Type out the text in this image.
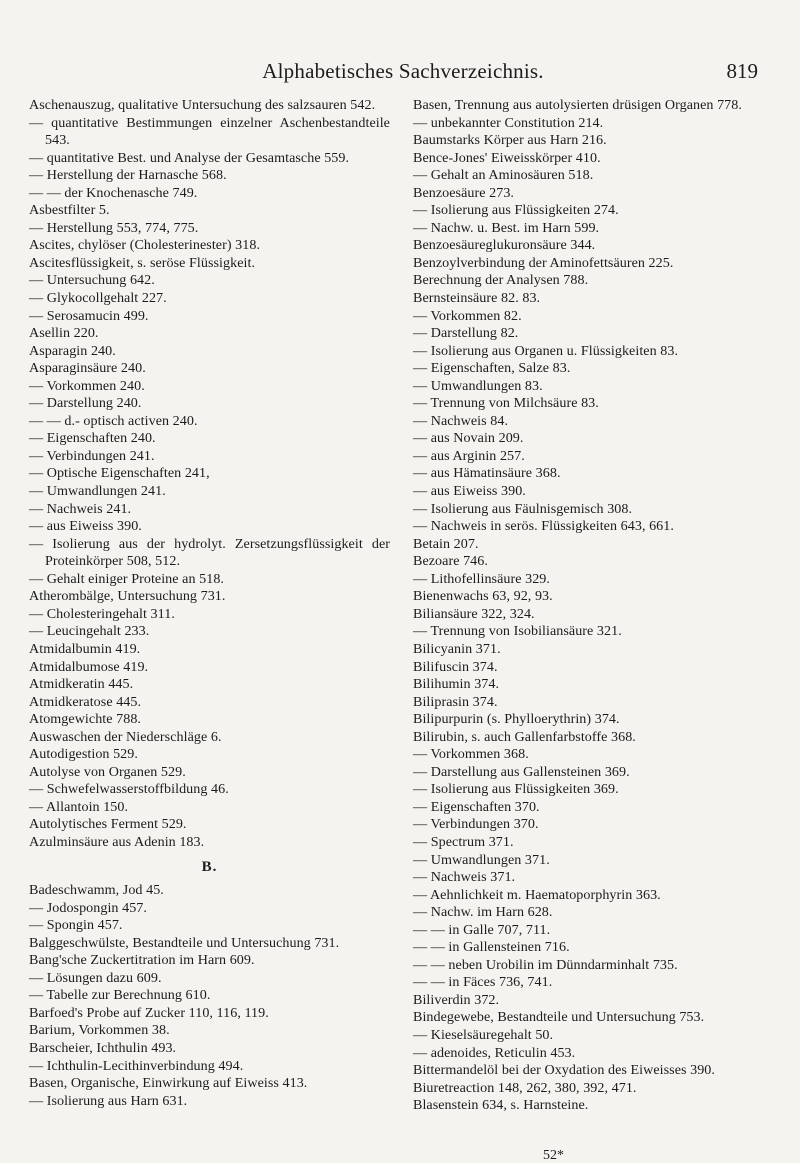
Alphabetisches Sachverzeichnis.	819
Aschenauszug, qualitative Untersuchung des salzsauren 542.
— quantitative Bestimmungen einzelner Aschenbestandteile 543.
— quantitative Best. und Analyse der Gesamtasche 559.
— Herstellung der Harnasche 568.
— — der Knochenasche 749.
Asbestfilter 5.
— Herstellung 553, 774, 775.
Ascites, chylöser (Cholesterinester) 318.
Ascitesflüssigkeit, s. seröse Flüssigkeit.
— Untersuchung 642.
— Glykocollgehalt 227.
— Serosamucin 499.
Asellin 220.
Asparagin 240.
Asparaginsäure 240.
— Vorkommen 240.
— Darstellung 240.
— — d.- optisch activen 240.
— Eigenschaften 240.
— Verbindungen 241.
— Optische Eigenschaften 241,
— Umwandlungen 241.
— Nachweis 241.
— aus Eiweiss 390.
— Isolierung aus der hydrolyt. Zersetzungsflüssigkeit der Proteinkörper 508, 512.
— Gehalt einiger Proteine an 518.
Atherombälge, Untersuchung 731.
— Cholesteringehalt 311.
— Leucingehalt 233.
Atmidalbumin 419.
Atmidalbumose 419.
Atmidkeratin 445.
Atmidkeratose 445.
Atomgewichte 788.
Auswaschen der Niederschläge 6.
Autodigestion 529.
Autolyse von Organen 529.
— Schwefelwasserstoffbildung 46.
— Allantoin 150.
Autolytisches Ferment 529.
Azulminsäure aus Adenin 183.
B.
Badeschwamm, Jod 45.
— Jodospongin 457.
— Spongin 457.
Balggeschwülste, Bestandteile und Untersuchung 731.
Bang'sche Zuckertitration im Harn 609.
— Lösungen dazu 609.
— Tabelle zur Berechnung 610.
Barfoed's Probe auf Zucker 110, 116, 119.
Barium, Vorkommen 38.
Barscheier, Ichthulin 493.
— Ichthulin-Lecithinverbindung 494.
Basen, Organische, Einwirkung auf Eiweiss 413.
— Isolierung aus Harn 631.
Basen, Trennung aus autolysierten drüsigen Organen 778.
— unbekannter Constitution 214.
Baumstarks Körper aus Harn 216.
Bence-Jones' Eiweisskörper 410.
— Gehalt an Aminosäuren 518.
Benzoesäure 273.
— Isolierung aus Flüssigkeiten 274.
— Nachw. u. Best. im Harn 599.
Benzoesäureglukuronsäure 344.
Benzoylverbindung der Aminofettsäuren 225.
Berechnung der Analysen 788.
Bernsteinsäure 82. 83.
— Vorkommen 82.
— Darstellung 82.
— Isolierung aus Organen u. Flüssigkeiten 83.
— Eigenschaften, Salze 83.
— Umwandlungen 83.
— Trennung von Milchsäure 83.
— Nachweis 84.
— aus Novain 209.
— aus Arginin 257.
— aus Hämatinsäure 368.
— aus Eiweiss 390.
— Isolierung aus Fäulnisgemisch 308.
— Nachweis in serös. Flüssigkeiten 643, 661.
Betain 207.
Bezoare 746.
— Lithofellinsäure 329.
Bienenwachs 63, 92, 93.
Biliansäure 322, 324.
— Trennung von Isobiliansäure 321.
Bilicyanin 371.
Bilifuscin 374.
Bilihumin 374.
Biliprasin 374.
Bilipurpurin (s. Phylloerythrin) 374.
Bilirubin, s. auch Gallenfarbstoffe 368.
— Vorkommen 368.
— Darstellung aus Gallensteinen 369.
— Isolierung aus Flüssigkeiten 369.
— Eigenschaften 370.
— Verbindungen 370.
— Spectrum 371.
— Umwandlungen 371.
— Nachweis 371.
— Aehnlichkeit m. Haematoporphyrin 363.
— Nachw. im Harn 628.
— — in Galle 707, 711.
— — in Gallensteinen 716.
— — neben Urobilin im Dünndarminhalt 735.
— — in Fäces 736, 741.
Biliverdin 372.
Bindegewebe, Bestandteile und Untersuchung 753.
— Kieselsäuregehalt 50.
— adenoides, Reticulin 453.
Bittermandelöl bei der Oxydation des Eiweisses 390.
Biuretreaction 148, 262, 380, 392, 471.
Blasenstein 634, s. Harnsteine.
52*
